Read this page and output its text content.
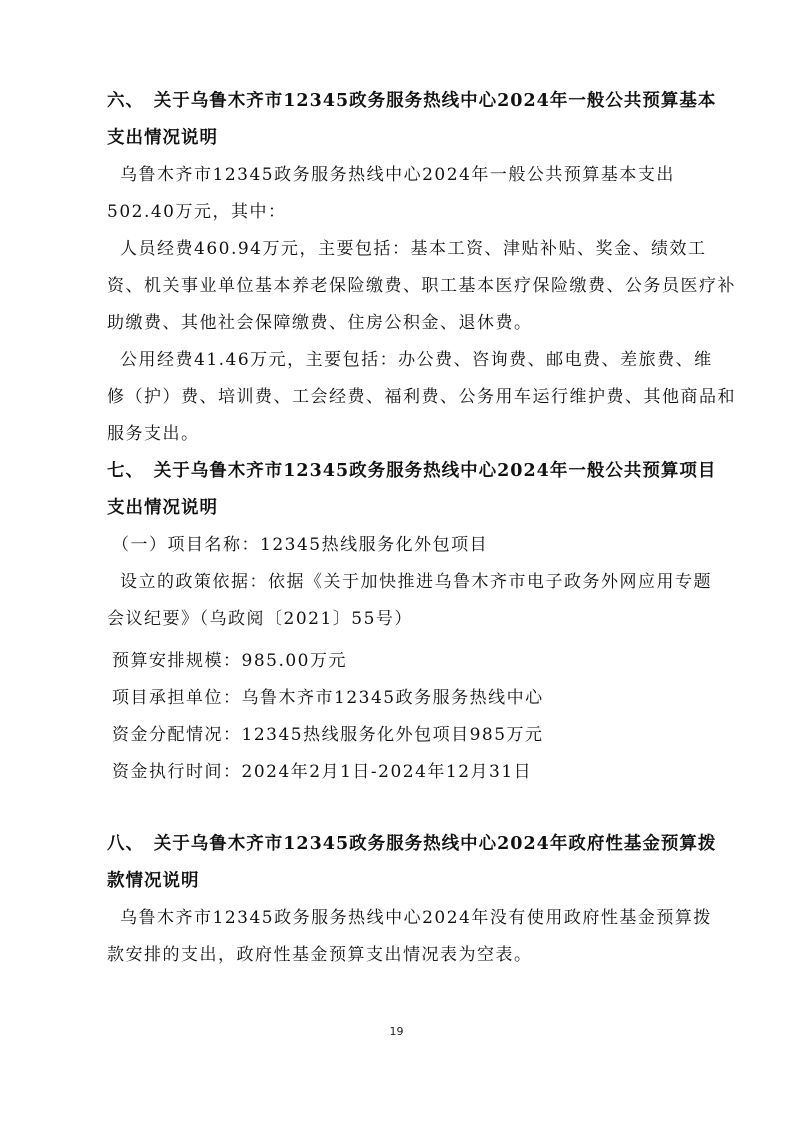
六、　关于乌鲁木齐市12345政务服务热线中心2024年一般公共预算基本
支出情况说明
乌鲁木齐市12345政务服务热线中心2024年一般公共预算基本支出
502.40万元，其中：
人员经费460.94万元，主要包括：基本工资、津贴补贴、奖金、绩效工
资、机关事业单位基本养老保险缴费、职工基本医疗保险缴费、公务员医疗补
助缴费、其他社会保障缴费、住房公积金、退休费。
公用经费41.46万元，主要包括：办公费、咨询费、邮电费、差旅费、维
修（护）费、培训费、工会经费、福利费、公务用车运行维护费、其他商品和
服务支出。
七、　关于乌鲁木齐市12345政务服务热线中心2024年一般公共预算项目
支出情况说明
（一）项目名称：12345热线服务化外包项目
设立的政策依据：依据《关于加快推进乌鲁木齐市电子政务外网应用专题
会议纪要》（乌政阅〔2021〕55号）
预算安排规模：985.00万元
项目承担单位：乌鲁木齐市12345政务服务热线中心
资金分配情况：12345热线服务化外包项目985万元
资金执行时间：2024年2月1日-2024年12月31日
八、　关于乌鲁木齐市12345政务服务热线中心2024年政府性基金预算拨
款情况说明
乌鲁木齐市12345政务服务热线中心2024年没有使用政府性基金预算拨
款安排的支出，政府性基金预算支出情况表为空表。
19
